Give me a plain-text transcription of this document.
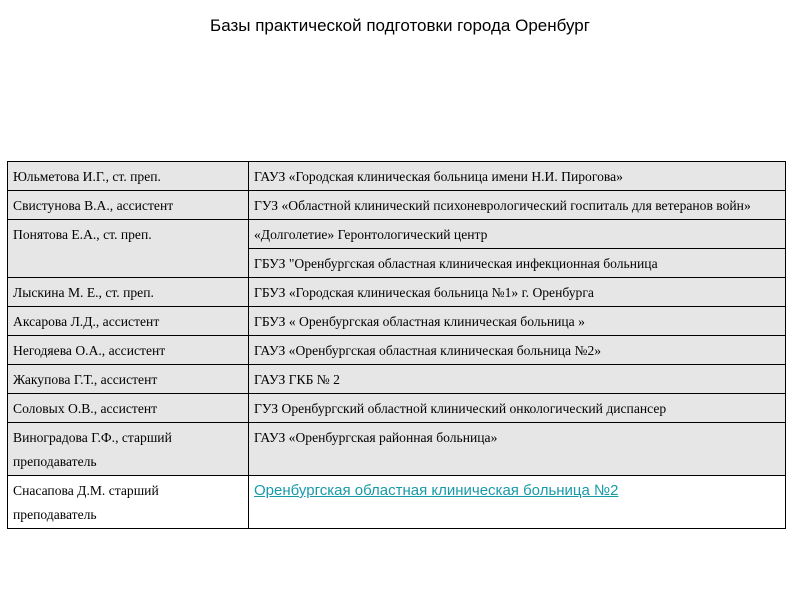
Базы практической подготовки города Оренбург
Юльметова И.Г., ст. преп.	ГАУЗ «Городская клиническая больница имени Н.И. Пирогова»
Свистунова В.А., ассистент	ГУЗ «Областной клинический психоневрологический госпиталь для ветеранов войн»
Понятова Е.А., ст. преп.	«Долголетие» Геронтологический центр
	ГБУЗ "Оренбургская областная клиническая инфекционная больница
Лыскина М. Е., ст. преп.	ГБУЗ «Городская клиническая больница №1» г. Оренбурга
Аксарова Л.Д., ассистент	ГБУЗ « Оренбургская областная клиническая больница »
Негодяева О.А., ассистент	ГАУЗ «Оренбургская областная клиническая больница №2»
Жакупова Г.Т., ассистент	ГАУЗ ГКБ № 2
Соловых О.В., ассистент	ГУЗ Оренбургский областной клинический онкологический диспансер
Виноградова Г.Ф., старший преподаватель	ГАУЗ «Оренбургская районная больница»
Снасапова Д.М. старший преподаватель	Оренбургская областная клиническая больница №2
